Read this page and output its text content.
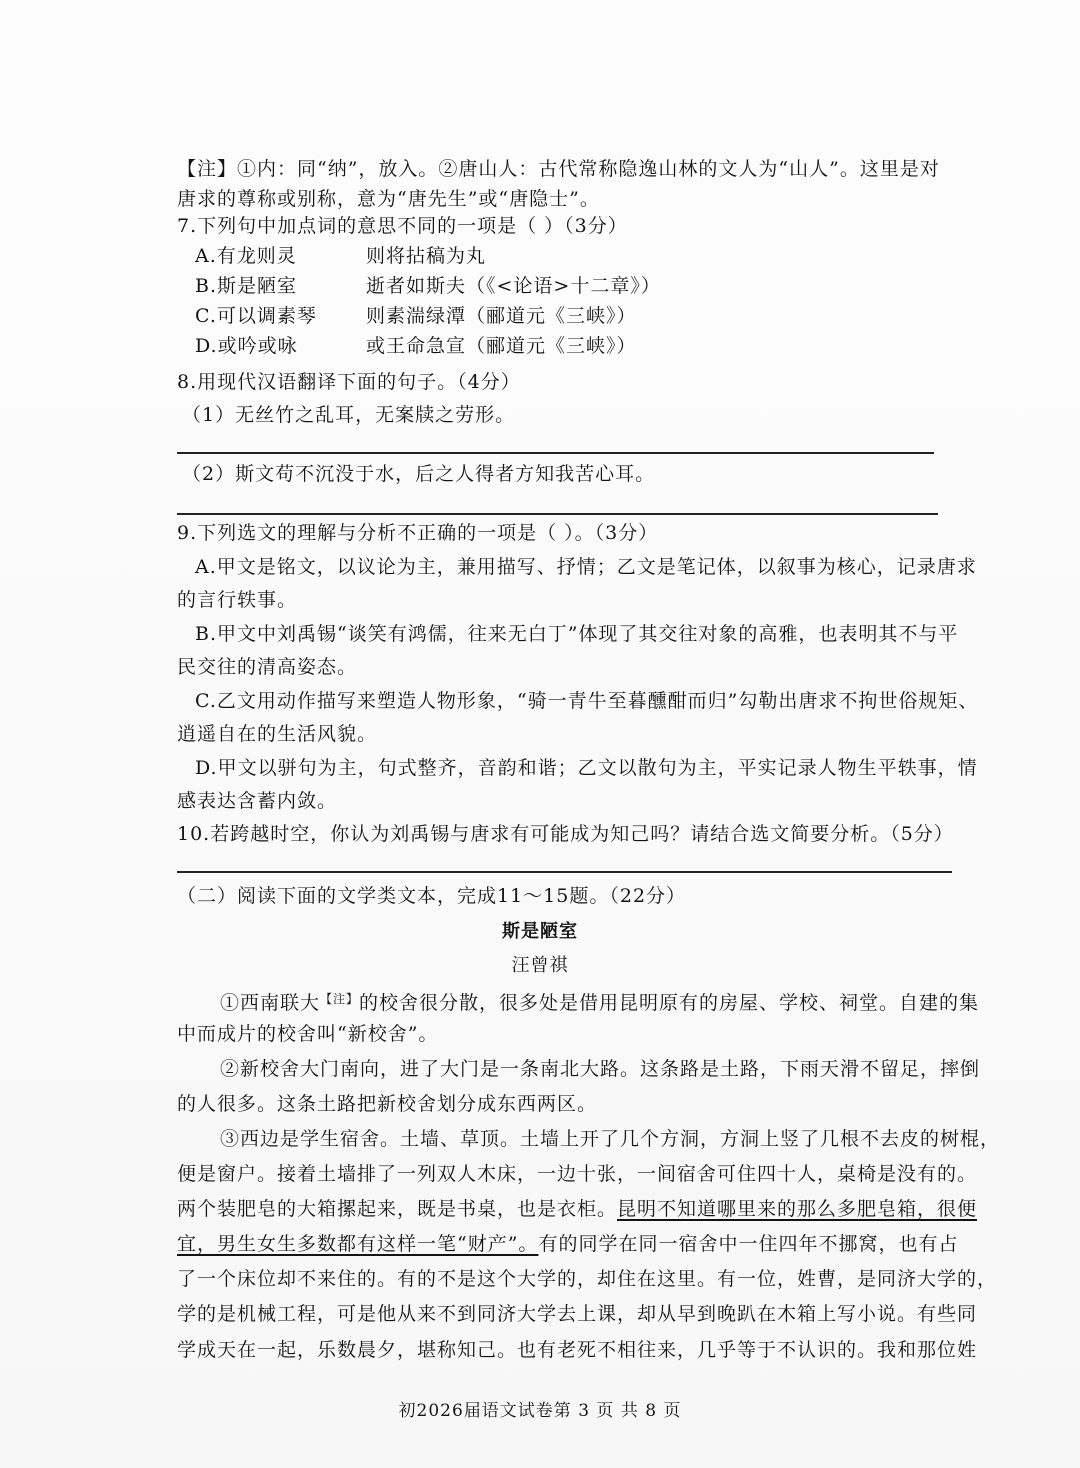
【注】①内：同“纳”，放入。②唐山人：古代常称隐逸山林的文人为“山人”。这里是对
唐求的尊称或别称，意为“唐先生”或“唐隐士”。
7.下列句中加点词的意思不同的一项是（ ）（3分）
A.有龙则灵	则将拈稿为丸
B.斯是陋室	逝者如斯夫（《<论语>十二章》）
C.可以调素琴	则素湍绿潭（郦道元《三峡》）
D.或吟或咏	或王命急宣（郦道元《三峡》）
8.用现代汉语翻译下面的句子。（4分）
（1）无丝竹之乱耳，无案牍之劳形。
（2）斯文苟不沉没于水，后之人得者方知我苦心耳。
9.下列选文的理解与分析不正确的一项是（ ）。（3分）
A.甲文是铭文，以议论为主，兼用描写、抒情；乙文是笔记体，以叙事为核心，记录唐求
的言行轶事。
B.甲文中刘禹锡“谈笑有鸿儒，往来无白丁”体现了其交往对象的高雅，也表明其不与平
民交往的清高姿态。
C.乙文用动作描写来塑造人物形象，“骑一青牛至暮醺酣而归”勾勒出唐求不拘世俗规矩、
逍遥自在的生活风貌。
D.甲文以骈句为主，句式整齐，音韵和谐；乙文以散句为主，平实记录人物生平轶事，情
感表达含蓄内敛。
10.若跨越时空，你认为刘禹锡与唐求有可能成为知己吗？请结合选文简要分析。（5分）
（二）阅读下面的文学类文本，完成11～15题。（22分）
斯是陋室
汪曾祺
①西南联大$^{【注】}$的校舍很分散，很多处是借用昆明原有的房屋、学校、祠堂。自建的集
中而成片的校舍叫“新校舍”。
②新校舍大门南向，进了大门是一条南北大路。这条路是土路，下雨天滑不留足，摔倒
的人很多。这条土路把新校舍划分成东西两区。
③西边是学生宿舍。土墙、草顶。土墙上开了几个方洞，方洞上竖了几根不去皮的树棍，
便是窗户。接着土墙排了一列双人木床，一边十张，一间宿舍可住四十人，桌椅是没有的。
两个装肥皂的大箱摞起来，既是书桌，也是衣柜。昆明不知道哪里来的那么多肥皂箱，很便
宜，男生女生多数都有这样一笔“财产”。有的同学在同一宿舍中一住四年不挪窝，也有占
了一个床位却不来住的。有的不是这个大学的，却住在这里。有一位，姓曹，是同济大学的，
学的是机械工程，可是他从来不到同济大学去上课，却从早到晚趴在木箱上写小说。有些同
学成天在一起，乐数晨夕，堪称知己。也有老死不相往来，几乎等于不认识的。我和那位姓
初2026届语文试卷第 3 页 共 8 页
